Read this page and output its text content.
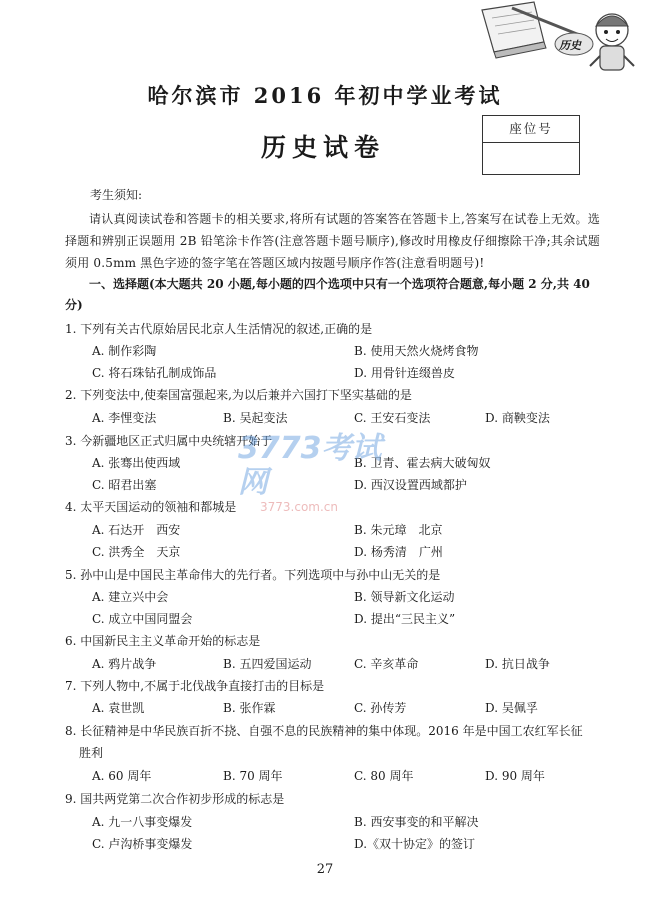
历史
哈尔滨市 2016 年初中学业考试
历史试卷
座位号
考生须知:
请认真阅读试卷和答题卡的相关要求,将所有试题的答案答在答题卡上,答案写在试卷上无效。选择题和辨别正误题用 2B 铅笔涂卡作答(注意答题卡题号顺序),修改时用橡皮仔细擦除干净;其余试题须用 0.5mm 黑色字迹的签字笔在答题区域内按题号顺序作答(注意看明题号)!
一、选择题(本大题共 20 小题,每小题的四个选项中只有一个选项符合题意,每小题 2 分,共 40 分)
1. 下列有关古代原始居民北京人生活情况的叙述,正确的是
A. 制作彩陶	B. 使用天然火烧烤食物
C. 将石珠钻孔制成饰品	D. 用骨针连缀兽皮
2. 下列变法中,使秦国富强起来,为以后兼并六国打下坚实基础的是
A. 李悝变法	B. 吴起变法	C. 王安石变法	D. 商鞅变法
3. 今新疆地区正式归属中央统辖开始于
A. 张骞出使西域	B. 卫青、霍去病大破匈奴
C. 昭君出塞	D. 西汉设置西域都护
4. 太平天国运动的领袖和都城是
A. 石达开　西安	B. 朱元璋　北京
C. 洪秀全　天京	D. 杨秀清　广州
5. 孙中山是中国民主革命伟大的先行者。下列选项中与孙中山无关的是
A. 建立兴中会	B. 领导新文化运动
C. 成立中国同盟会	D. 提出“三民主义”
6. 中国新民主主义革命开始的标志是
A. 鸦片战争	B. 五四爱国运动	C. 辛亥革命	D. 抗日战争
7. 下列人物中,不属于北伐战争直接打击的目标是
A. 袁世凯	B. 张作霖	C. 孙传芳	D. 吴佩孚
8. 长征精神是中华民族百折不挠、自强不息的民族精神的集中体现。2016 年是中国工农红军长征
胜利
A. 60 周年	B. 70 周年	C. 80 周年	D. 90 周年
9. 国共两党第二次合作初步形成的标志是
A. 九一八事变爆发	B. 西安事变的和平解决
C. 卢沟桥事变爆发	D.《双十协定》的签订
3773考试网
3773.com.cn
27
